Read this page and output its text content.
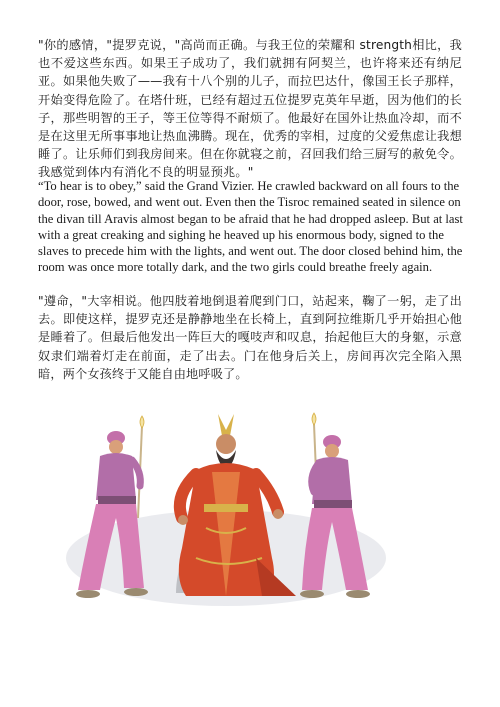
"你的感情，"提罗克说，"高尚而正确。与我王位的荣耀和 strength相比，我也不爱这些东西。如果王子成功了，我们就拥有阿契兰，也许将来还有纳尼亚。如果他失败了——我有十八个别的儿子，而拉巴达什，像国王长子那样，开始变得危险了。在塔什班，已经有超过五位提罗克英年早逝，因为他们的长子，那些明智的王子，等王位等得不耐烦了。他最好在国外让热血冷却，而不是在这里无所事事地让热血沸腾。现在，优秀的宰相，过度的父爱焦虑让我想睡了。让乐师们到我房间来。但在你就寝之前，召回我们给三厨写的赦免令。我感觉到体内有消化不良的明显预兆。"

“To hear is to obey,” said the Grand Vizier. He crawled backward on all fours to the door, rose, bowed, and went out. Even then the Tisroc remained seated in silence on the divan till Aravis almost began to be afraid that he had dropped asleep. But at last with a great creaking and sighing he heaved up his enormous body, signed to the slaves to precede him with the lights, and went out. The door closed behind him, the room was once more totally dark, and the two girls could breathe freely again.

"遵命，"大宰相说。他四肢着地倒退着爬到门口，站起来，鞠了一躬，走了出去。即使这样，提罗克还是静静地坐在长椅上，直到阿拉维斯几乎开始担心他是睡着了。但最后他发出一阵巨大的嘎吱声和叹息，抬起他巨大的身躯，示意奴隶们端着灯走在前面，走了出去。门在他身后关上，房间再次完全陷入黑暗，两个女孩终于又能自由地呼吸了。
